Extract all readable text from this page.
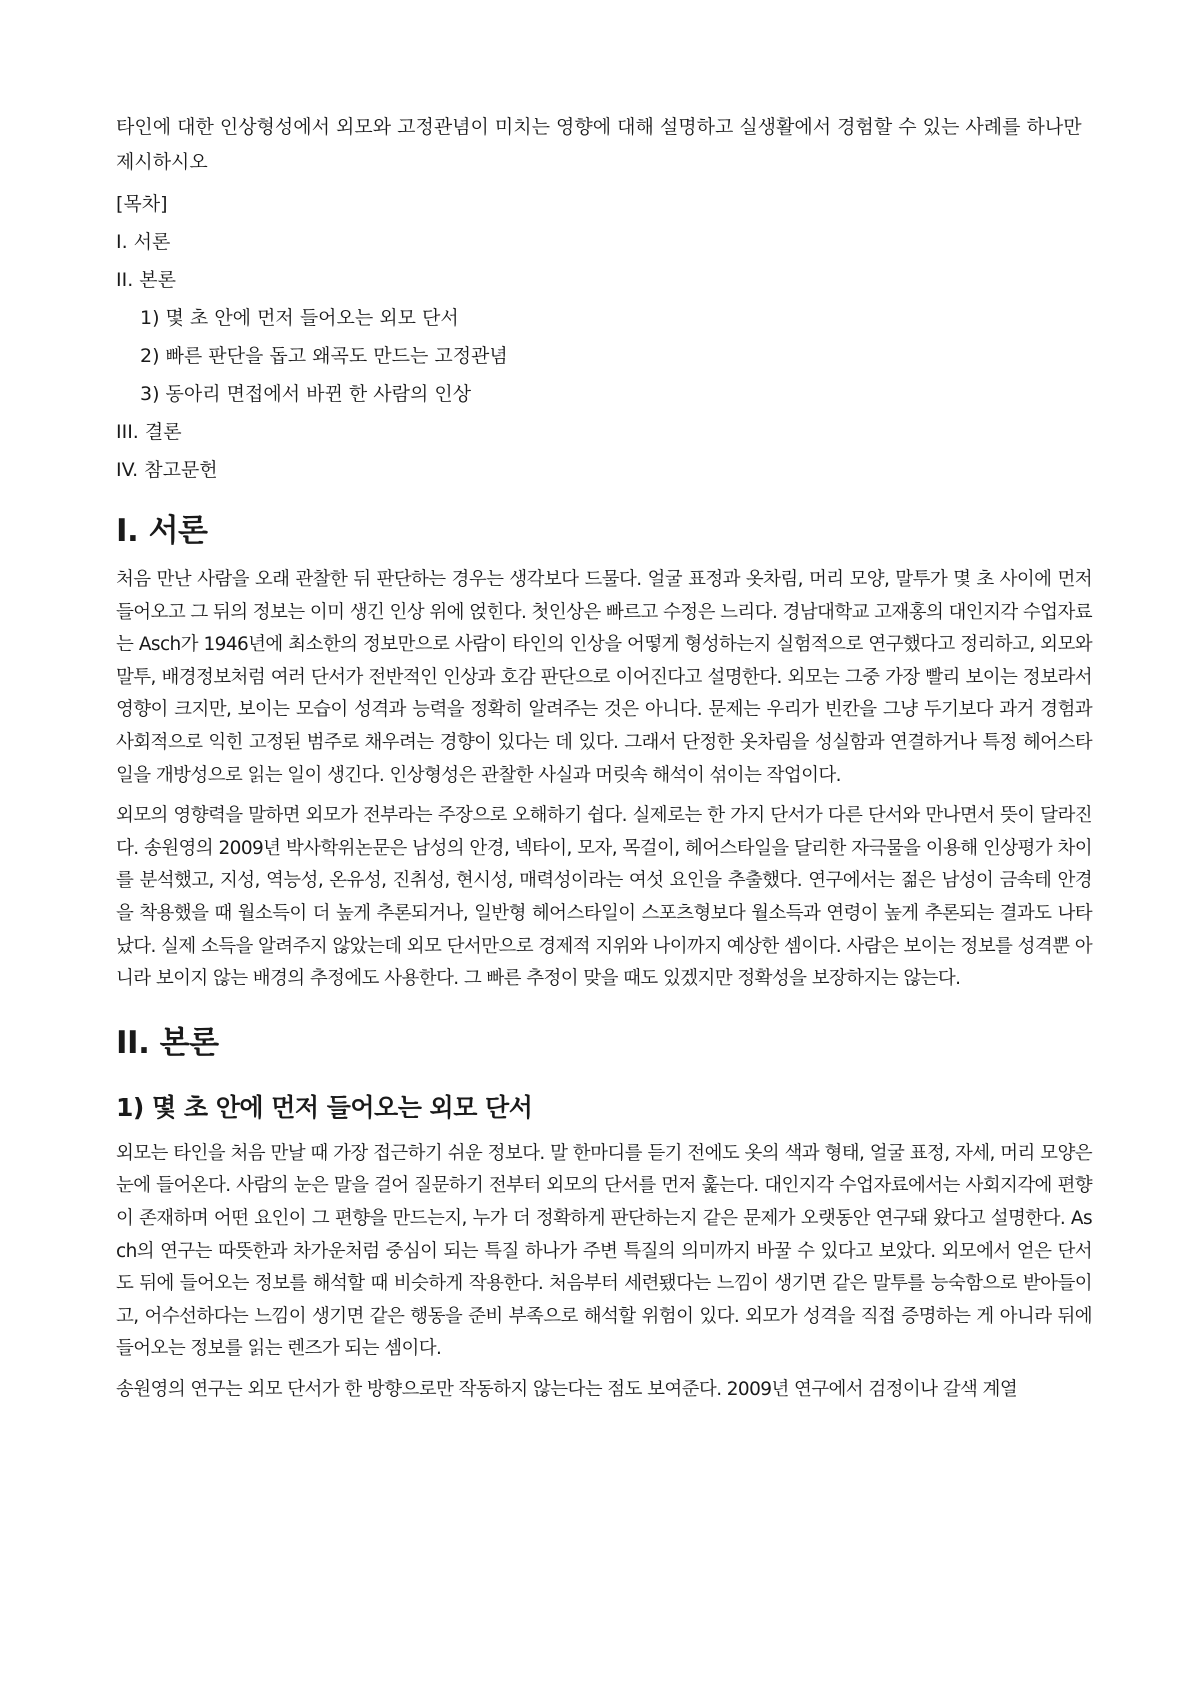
타인에 대한 인상형성에서 외모와 고정관념이 미치는 영향에 대해 설명하고 실생활에서 경험할 수 있는 사례를 하나만 제시하시오

[목차]
I. 서론
II. 본론
1) 몇 초 안에 먼저 들어오는 외모 단서
2) 빠른 판단을 돕고 왜곡도 만드는 고정관념
3) 동아리 면접에서 바뀐 한 사람의 인상
III. 결론
IV. 참고문헌
I. 서론

처음 만난 사람을 오래 관찰한 뒤 판단하는 경우는 생각보다 드물다. 얼굴 표정과 옷차림, 머리 모양, 말투가 몇 초 사이에 먼저 들어오고 그 뒤의 정보는 이미 생긴 인상 위에 얹힌다. 첫인상은 빠르고 수정은 느리다. 경남대학교 고재홍의 대인지각 수업자료는 Asch가 1946년에 최소한의 정보만으로 사람이 타인의 인상을 어떻게 형성하는지 실험적으로 연구했다고 정리하고, 외모와 말투, 배경정보처럼 여러 단서가 전반적인 인상과 호감 판단으로 이어진다고 설명한다. 외모는 그중 가장 빨리 보이는 정보라서 영향이 크지만, 보이는 모습이 성격과 능력을 정확히 알려주는 것은 아니다. 문제는 우리가 빈칸을 그냥 두기보다 과거 경험과 사회적으로 익힌 고정된 범주로 채우려는 경향이 있다는 데 있다. 그래서 단정한 옷차림을 성실함과 연결하거나 특정 헤어스타일을 개방성으로 읽는 일이 생긴다. 인상형성은 관찰한 사실과 머릿속 해석이 섞이는 작업이다.

외모의 영향력을 말하면 외모가 전부라는 주장으로 오해하기 쉽다. 실제로는 한 가지 단서가 다른 단서와 만나면서 뜻이 달라진다. 송원영의 2009년 박사학위논문은 남성의 안경, 넥타이, 모자, 목걸이, 헤어스타일을 달리한 자극물을 이용해 인상평가 차이를 분석했고, 지성, 역능성, 온유성, 진취성, 현시성, 매력성이라는 여섯 요인을 추출했다. 연구에서는 젊은 남성이 금속테 안경을 착용했을 때 월소득이 더 높게 추론되거나, 일반형 헤어스타일이 스포츠형보다 월소득과 연령이 높게 추론되는 결과도 나타났다. 실제 소득을 알려주지 않았는데 외모 단서만으로 경제적 지위와 나이까지 예상한 셈이다. 사람은 보이는 정보를 성격뿐 아니라 보이지 않는 배경의 추정에도 사용한다. 그 빠른 추정이 맞을 때도 있겠지만 정확성을 보장하지는 않는다.

II. 본론
1) 몇 초 안에 먼저 들어오는 외모 단서

외모는 타인을 처음 만날 때 가장 접근하기 쉬운 정보다. 말 한마디를 듣기 전에도 옷의 색과 형태, 얼굴 표정, 자세, 머리 모양은 눈에 들어온다. 사람의 눈은 말을 걸어 질문하기 전부터 외모의 단서를 먼저 훑는다. 대인지각 수업자료에서는 사회지각에 편향이 존재하며 어떤 요인이 그 편향을 만드는지, 누가 더 정확하게 판단하는지 같은 문제가 오랫동안 연구돼 왔다고 설명한다. Asch의 연구는 따뜻한과 차가운처럼 중심이 되는 특질 하나가 주변 특질의 의미까지 바꿀 수 있다고 보았다. 외모에서 얻은 단서도 뒤에 들어오는 정보를 해석할 때 비슷하게 작용한다. 처음부터 세련됐다는 느낌이 생기면 같은 말투를 능숙함으로 받아들이고, 어수선하다는 느낌이 생기면 같은 행동을 준비 부족으로 해석할 위험이 있다. 외모가 성격을 직접 증명하는 게 아니라 뒤에 들어오는 정보를 읽는 렌즈가 되는 셈이다.

송원영의 연구는 외모 단서가 한 방향으로만 작동하지 않는다는 점도 보여준다. 2009년 연구에서 검정이나 갈색 계열
